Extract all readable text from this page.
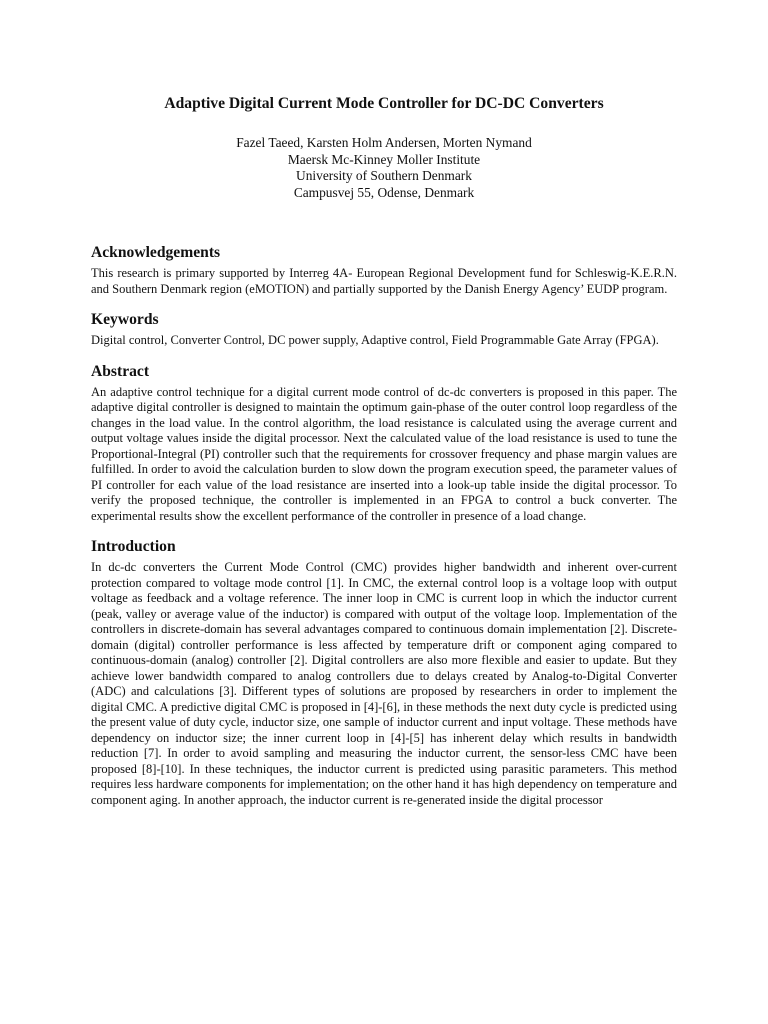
Adaptive Digital Current Mode Controller for DC-DC Converters
Fazel Taeed, Karsten Holm Andersen, Morten Nymand
Maersk Mc-Kinney Moller Institute
University of Southern Denmark
Campusvej 55, Odense, Denmark
Acknowledgements

This research is primary supported by Interreg 4A- European Regional Development fund for Schleswig-K.E.R.N. and Southern Denmark region (eMOTION) and partially supported by the Danish Energy Agency’ EUDP program.

Keywords

Digital control, Converter Control, DC power supply, Adaptive control, Field Programmable Gate Array (FPGA).

Abstract

An adaptive control technique for a digital current mode control of dc-dc converters is proposed in this paper. The adaptive digital controller is designed to maintain the optimum gain-phase of the outer control loop regardless of the changes in the load value. In the control algorithm, the load resistance is calculated using the average current and output voltage values inside the digital processor. Next the calculated value of the load resistance is used to tune the Proportional-Integral (PI) controller such that the requirements for crossover frequency and phase margin values are fulfilled. In order to avoid the calculation burden to slow down the program execution speed, the parameter values of PI controller for each value of the load resistance are inserted into a look-up table inside the digital processor. To verify the proposed technique, the controller is implemented in an FPGA to control a buck converter. The experimental results show the excellent performance of the controller in presence of a load change.

Introduction

In dc-dc converters the Current Mode Control (CMC) provides higher bandwidth and inherent over-current protection compared to voltage mode control [1]. In CMC, the external control loop is a voltage loop with output voltage as feedback and a voltage reference. The inner loop in CMC is current loop in which the inductor current (peak, valley or average value of the inductor) is compared with output of the voltage loop. Implementation of the controllers in discrete-domain has several advantages compared to continuous domain implementation [2]. Discrete-domain (digital) controller performance is less affected by temperature drift or component aging compared to continuous-domain (analog) controller [2]. Digital controllers are also more flexible and easier to update. But they achieve lower bandwidth compared to analog controllers due to delays created by Analog-to-Digital Converter (ADC) and calculations [3]. Different types of solutions are proposed by researchers in order to implement the digital CMC. A predictive digital CMC is proposed in [4]-[6], in these methods the next duty cycle is predicted using the present value of duty cycle, inductor size, one sample of inductor current and input voltage. These methods have dependency on inductor size; the inner current loop in [4]-[5] has inherent delay which results in bandwidth reduction [7]. In order to avoid sampling and measuring the inductor current, the sensor-less CMC have been proposed [8]-[10]. In these techniques, the inductor current is predicted using parasitic parameters. This method requires less hardware components for implementation; on the other hand it has high dependency on temperature and component aging. In another approach, the inductor current is re-generated inside the digital processor
